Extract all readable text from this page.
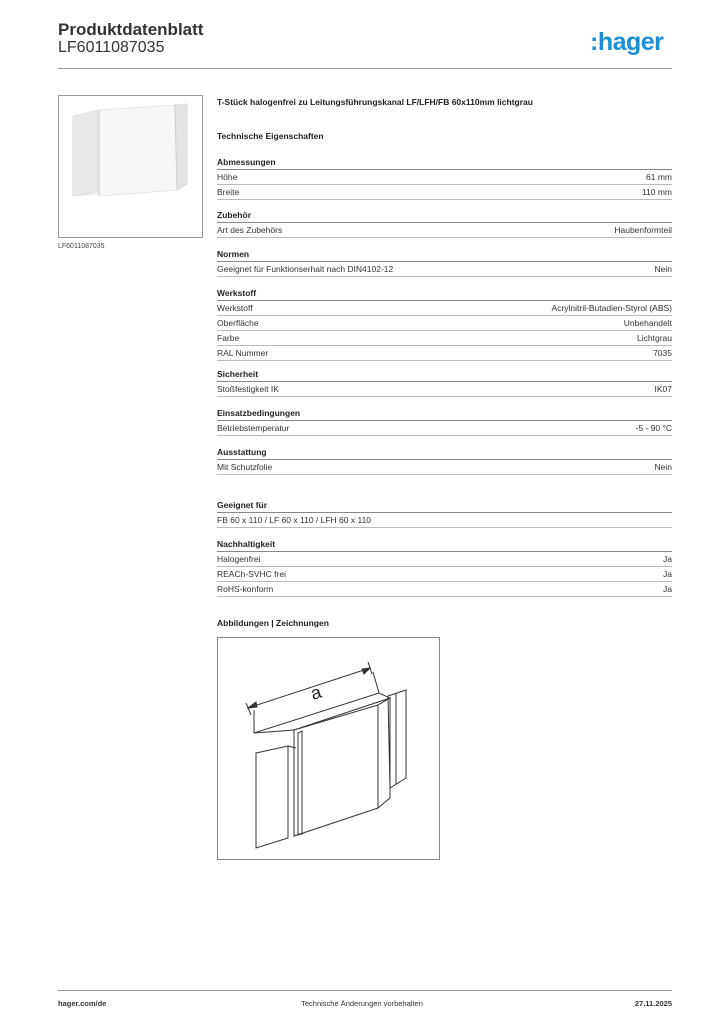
Produktdatenblatt
LF6011087035	:hager
LF6011087035
T-Stück halogenfrei zu Leitungsführungskanal LF/LFH/FB 60x110mm lichtgrau
Technische Eigenschaften
Abmessungen
Höhe	61 mm
Breite	110 mm
Zubehör
Art des Zubehörs	Haubenformteil
Normen
Geeignet für Funktionserhalt nach DIN4102-12	Nein
Werkstoff
Werkstoff	Acrylnitril-Butadien-Styrol (ABS)
Oberfläche	Unbehandelt
Farbe	Lichtgrau
RAL Nummer	7035
Sicherheit
Stoßfestigkeit IK	IK07
Einsatzbedingungen
Betriebstemperatur	-5 - 90 °C
Ausstattung
Mit Schutzfolie	Nein
Geeignet für
FB 60 x 110 / LF 60 x 110 / LFH 60 x 110
Nachhaltigkeit
Halogenfrei	Ja
REACh-SVHC frei	Ja
RoHS-konform	Ja
Abbildungen | Zeichnungen
a
hager.com/de	Technische Änderungen vorbehalten	27.11.2025
